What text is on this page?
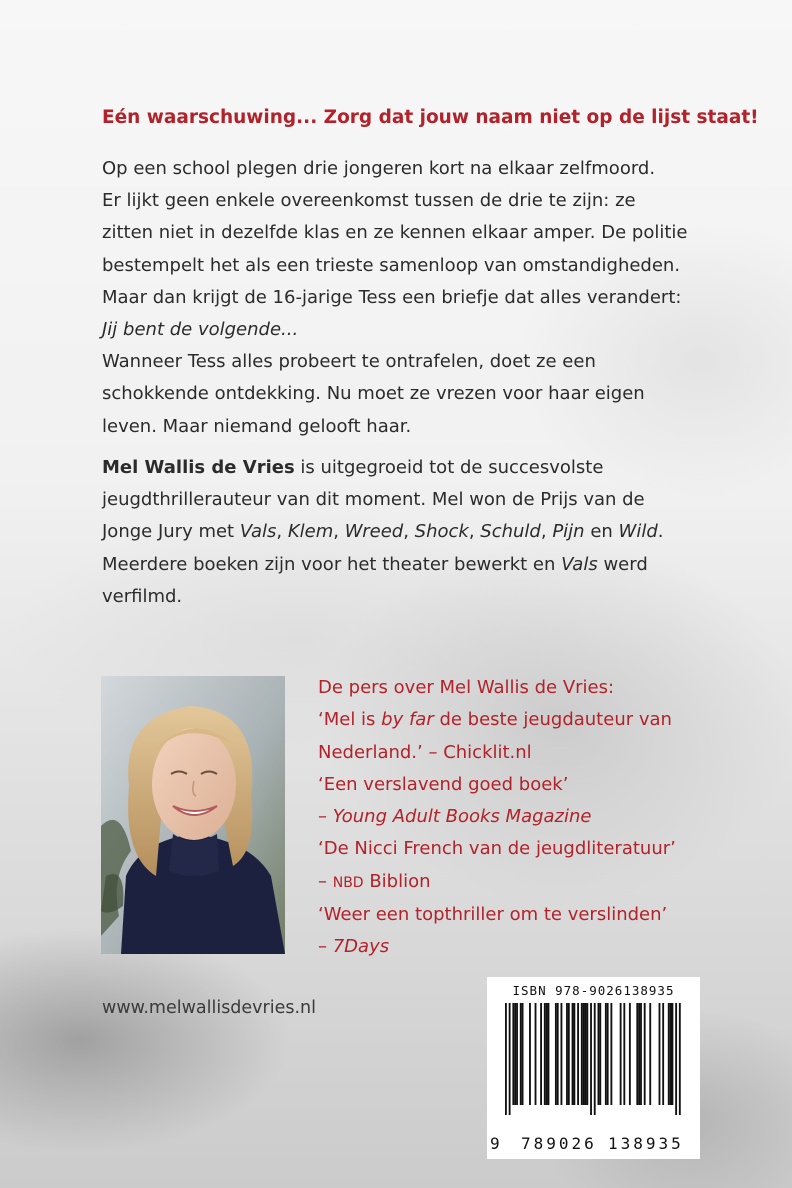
Eén waarschuwing... Zorg dat jouw naam niet op de lijst staat!
Op een school plegen drie jongeren kort na elkaar zelfmoord.
Er lijkt geen enkele overeenkomst tussen de drie te zijn: ze
zitten niet in dezelfde klas en ze kennen elkaar amper. De politie
bestempelt het als een trieste samenloop van omstandigheden.
Maar dan krijgt de 16-jarige Tess een briefje dat alles verandert:
Jij bent de volgende...
Wanneer Tess alles probeert te ontrafelen, doet ze een
schokkende ontdekking. Nu moet ze vrezen voor haar eigen
leven. Maar niemand gelooft haar.
Mel Wallis de Vries is uitgegroeid tot de succesvolste
jeugdthrillerauteur van dit moment. Mel won de Prijs van de
Jonge Jury met Vals, Klem, Wreed, Shock, Schuld, Pijn en Wild.
Meerdere boeken zijn voor het theater bewerkt en Vals werd
verfilmd.
De pers over Mel Wallis de Vries:
‘Mel is by far de beste jeugdauteur van
Nederland.’ – Chicklit.nl
‘Een verslavend goed boek’
– Young Adult Books Magazine
‘De Nicci French van de jeugdliteratuur’
– NBD Biblion
‘Weer een topthriller om te verslinden’
– 7Days
www.melwallisdevries.nl
ISBN 978-9026138935
9 789026 138935
